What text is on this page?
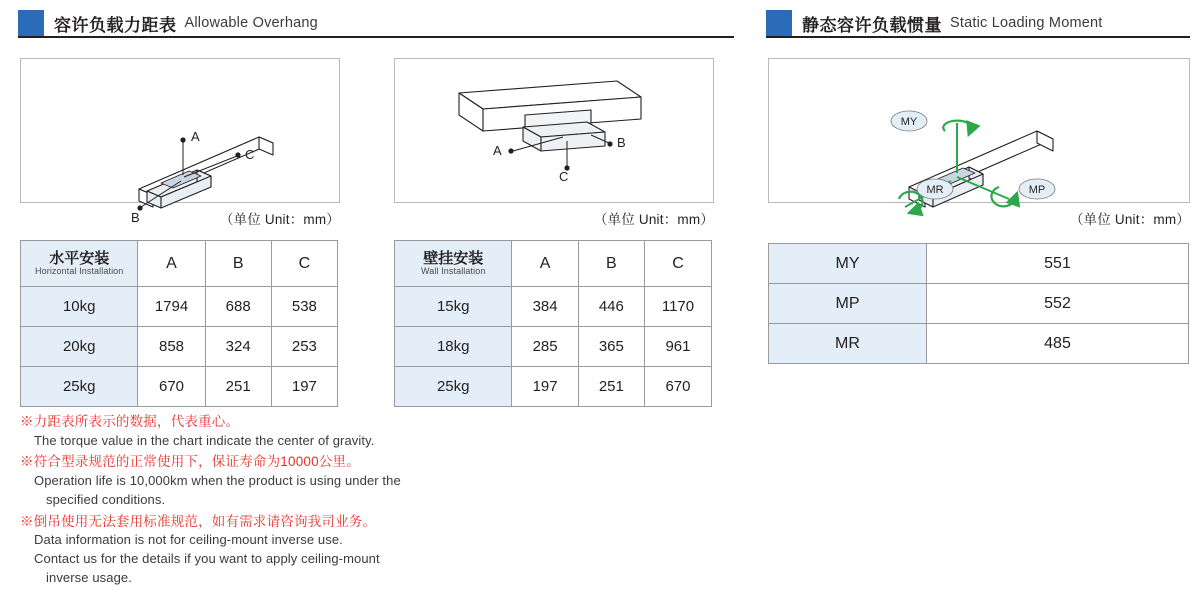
容许负载力距表 Allowable Overhang	静态容许负载惯量 Static Loading Moment
A
B
C	A
B
C
MY
MP
MR
（单位 Unit：mm）	（单位 Unit：mm）	（单位 Unit：mm）
水平安装
Horizontal Installation	A	B	C
10kg	1794	688	538
20kg	858	324	253
25kg	670	251	197
壁挂安装
Wall Installation	A	B	C
15kg	384	446	1170
18kg	285	365	961
25kg	197	251	670
MY	551
MP	552
MR	485
※力距表所表示的数据，代表重心。
The torque value in the chart indicate the center of gravity.
※符合型录规范的正常使用下，保证寿命为10000公里。
Operation life is 10,000km when the product is using under the
specified conditions.
※倒吊使用无法套用标准规范，如有需求请咨询我司业务。
Data information is not for ceiling-mount inverse use.
Contact us for the details if you want to apply ceiling-mount
inverse usage.
